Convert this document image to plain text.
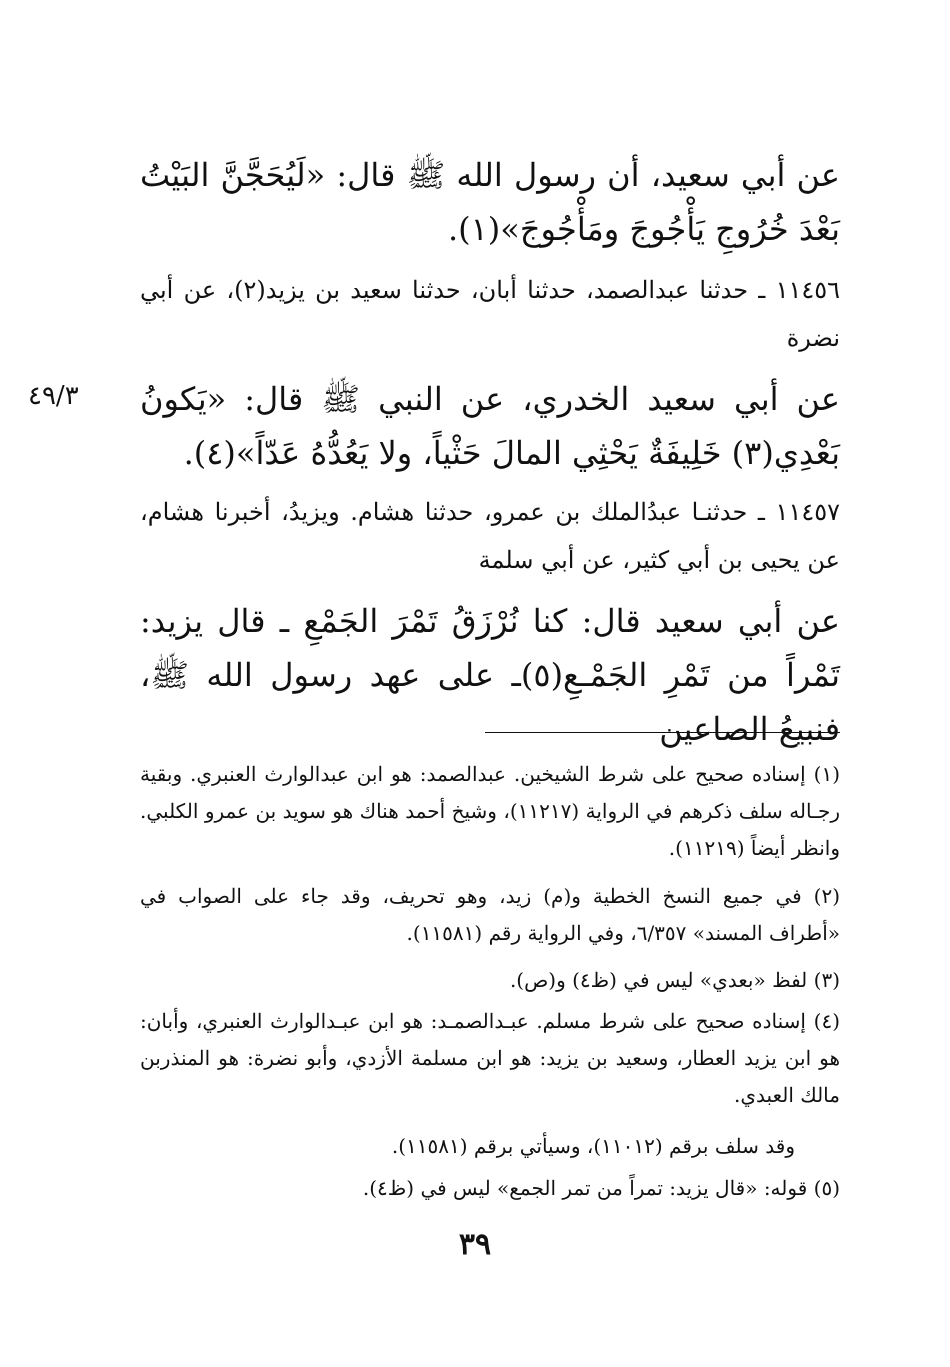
عن أبي سعيد، أن رسول الله ﷺ قال: «لَيُحَجَّنَّ البَيْتُ بَعْدَ خُرُوجِ يَأْجُوجَ ومَأْجُوجَ»(١).
١١٤٥٦ ـ حدثنا عبدالصمد، حدثنا أبان، حدثنا سعيد بن يزيد(٢)، عن أبي نضرة
٤٩/٣ عن أبي سعيد الخدري، عن النبي ﷺ قال: «يَكونُ بَعْدِي(٣) خَلِيفَةٌ يَحْثِي المالَ حَثْياً، ولا يَعُدُّهُ عَدّاً»(٤).
١١٤٥٧ ـ حدثنـا عبدُالملك بن عمرو، حدثنا هشام. ويزيدُ، أخبرنا هشام، عن يحيى بن أبي كثير، عن أبي سلمة
عن أبي سعيد قال: كنا نُرْزَقُ تَمْرَ الجَمْعِ ـ قال يزيد: تَمْراً من تَمْرِ الجَمْـعِ(٥)ـ على عهد رسول الله ﷺ، فنبيعُ الصاعين
(١) إسناده صحيح على شرط الشيخين. عبدالصمد: هو ابن عبدالوارث العنبري. وبقية رجـاله سلف ذكرهم في الرواية (١١٢١٧)، وشيخ أحمد هناك هو سويد بن عمرو الكلبي. وانظر أيضاً (١١٢١٩).
(٢) في جميع النسخ الخطية و(م) زيد، وهو تحريف، وقد جاء على الصواب في «أطراف المسند» ٦/٣٥٧، وفي الرواية رقم (١١٥٨١).
(٣) لفظ «بعدي» ليس في (ظ٤) و(ص).
(٤) إسناده صحيح على شرط مسلم. عبـدالصمـد: هو ابن عبـدالوارث العنبري، وأبان: هو ابن يزيد العطار، وسعيد بن يزيد: هو ابن مسلمة الأزدي، وأبو نضرة: هو المنذربن مالك العبدي.
وقد سلف برقم (١١٠١٢)، وسيأتي برقم (١١٥٨١).
(٥) قوله: «قال يزيد: تمراً من تمر الجمع» ليس في (ظ٤).
٣٩
